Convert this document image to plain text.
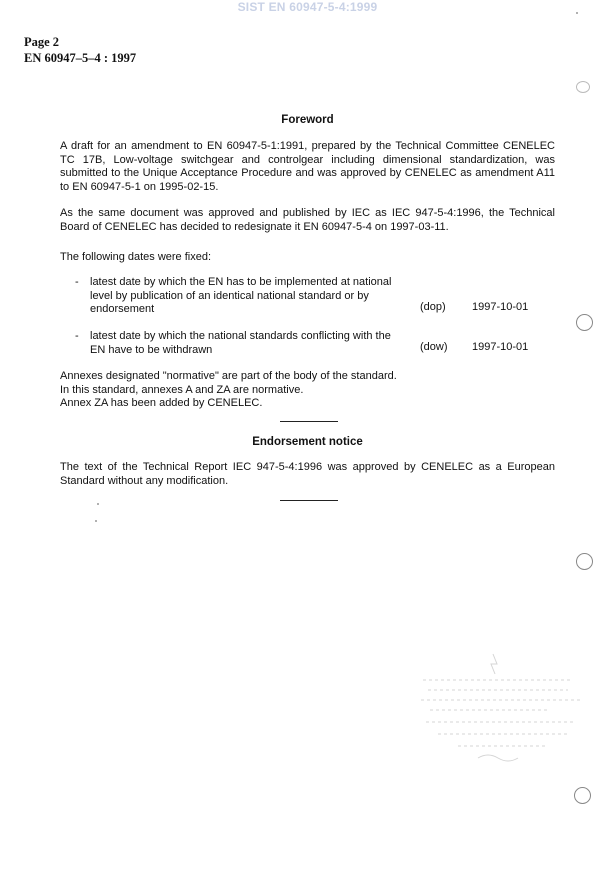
SIST EN 60947-5-4:1999
Page 2
EN 60947–5–4 : 1997
Foreword
A draft for an amendment to EN 60947-5-1:1991, prepared by the Technical Committee CENELEC TC 17B, Low-voltage switchgear and controlgear including dimensional standardization, was submitted to the Unique Acceptance Procedure and was approved by CENELEC as amendment A11 to EN 60947-5-1 on 1995-02-15.
As the same document was approved and published by IEC as IEC 947-5-4:1996, the Technical Board of CENELEC has decided to redesignate it EN 60947-5-4 on 1997-03-11.
The following dates were fixed:
- latest date by which the EN has to be implemented at national level by publication of an identical national standard or by endorsement	(dop) 1997-10-01
- latest date by which the national standards conflicting with the EN have to be withdrawn	(dow) 1997-10-01
Annexes designated "normative" are part of the body of the standard.
In this standard, annexes A and ZA are normative.
Annex ZA has been added by CENELEC.
Endorsement notice
The text of the Technical Report IEC 947-5-4:1996 was approved by CENELEC as a European Standard without any modification.
